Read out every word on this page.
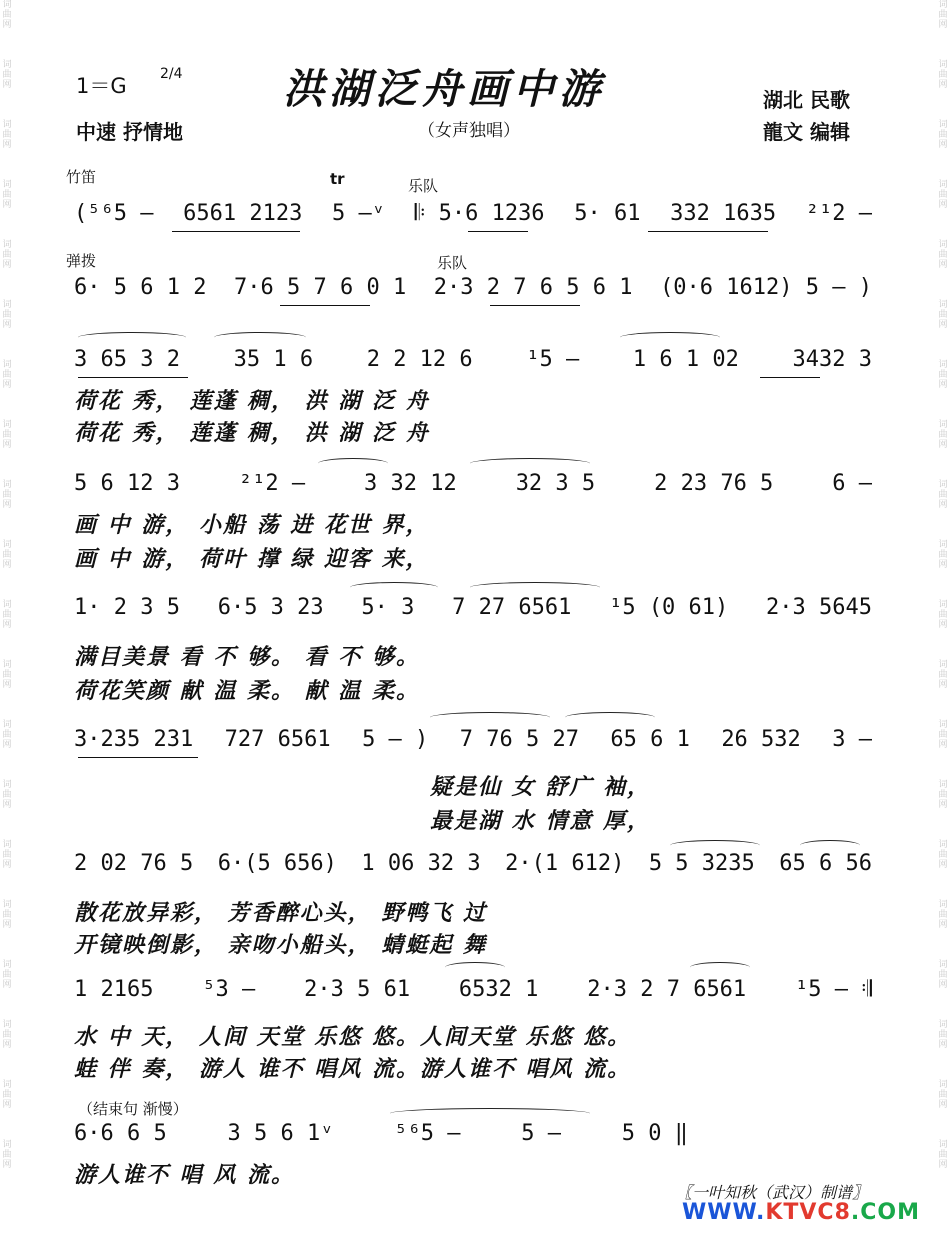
词曲网
词曲网
词曲网
词曲网
词曲网
词曲网
词曲网
词曲网
词曲网
词曲网
词曲网
词曲网
词曲网
词曲网
词曲网
词曲网
词曲网
词曲网
词曲网
词曲网
词曲网
词曲网
词曲网
词曲网
词曲网
词曲网
词曲网
词曲网
词曲网
词曲网
词曲网
词曲网
词曲网
词曲网
词曲网
词曲网
词曲网
词曲网
词曲网
词曲网
洪湖泛舟画中游
1＝G 2/4
中速 抒情地	（女声独唱）
湖北 民歌
龍文 编辑
竹笛	tr	乐队
(⁵⁶5 — 6561 2123 5 —ᵛ 𝄆 5·6 1236 5· 61 332 1635 ²¹2 —
弹拨	乐队
6· 5 6 1 2 7·6 5 7 6 0 1 2·3 2 7 6 5 6 1 (0·6 1612) 5 — )
3 65 3 2 35 1 6 2 2 12 6 ¹5 — 1 6 1 02 3432 3
荷花 秀， 莲蓬 稠， 洪 湖 泛 舟
荷花 秀， 莲蓬 稠， 洪 湖 泛 舟
5 6 12 3	²¹2 —	3 32 12	32 3 5	2 23 76 5	6 —
画 中 游， 小船 荡 进 花世 界，
画 中 游， 荷叶 撑 绿 迎客 来，
1· 2 3 5 6·5 3 23 5· 3 7 27 6561 ¹5 (0 61) 2·3 5645
满目美景 看 不 够。 看 不 够。
荷花笑颜 献 温 柔。 献 温 柔。
3·235 231 727 6561 5 — ) 7 76 5 27 65 6 1 26 532 3 —
疑是仙 女 舒广 袖，
最是湖 水 情意 厚，
2 02 76 5 6·(5 656) 1 06 32 3 2·(1 612) 5 5 3235 65 6 56
散花放异彩， 芳香醉心头， 野鸭飞 过
开镜映倒影， 亲吻小船头， 蜻蜓起 舞
1 2165 ⁵3 — 2·3 5 61 6532 1 2·3 2 7 6561 ¹5 — 𝄇
水 中 天， 人间 天堂 乐悠 悠。人间天堂 乐悠 悠。
蛙 伴 奏， 游人 谁不 唱风 流。游人谁不 唱风 流。
（结束句 渐慢）
6·6 6 5	3 5 6 1ᵛ	⁵⁶5 —	5 —	5 0 ‖
游人谁不 唱 风 流。
〖一叶知秋（武汉）制谱〗
WWW.KTVC8.COM
